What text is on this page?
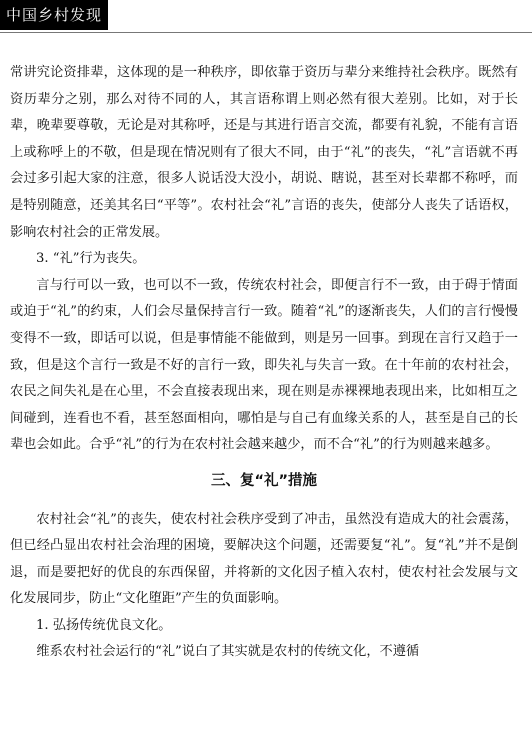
中国乡村发现

常讲究论资排辈，这体现的是一种秩序，即依靠于资历与辈分来维持社会秩序。既然有资历辈分之别，那么对待不同的人，其言语称谓上则必然有很大差别。比如，对于长辈，晚辈要尊敬，无论是对其称呼，还是与其进行语言交流，都要有礼貌，不能有言语上或称呼上的不敬，但是现在情况则有了很大不同，由于“礼”的丧失，“礼”言语就不再会过多引起大家的注意，很多人说话没大没小，胡说、瞎说，甚至对长辈都不称呼，而是特别随意，还美其名曰“平等”。农村社会“礼”言语的丧失，使部分人丧失了话语权，影响农村社会的正常发展。

3. “礼”行为丧失。

言与行可以一致，也可以不一致，传统农村社会，即便言行不一致，由于碍于情面或迫于“礼”的约束，人们会尽量保持言行一致。随着“礼”的逐渐丧失，人们的言行慢慢变得不一致，即话可以说，但是事情能不能做到，则是另一回事。到现在言行又趋于一致，但是这个言行一致是不好的言行一致，即失礼与失言一致。在十年前的农村社会，农民之间失礼是在心里，不会直接表现出来，现在则是赤裸裸地表现出来，比如相互之间碰到，连看也不看，甚至怒面相向，哪怕是与自己有血缘关系的人，甚至是自己的长辈也会如此。合乎“礼”的行为在农村社会越来越少，而不合“礼”的行为则越来越多。

三、复“礼”措施

农村社会“礼”的丧失，使农村社会秩序受到了冲击，虽然没有造成大的社会震荡，但已经凸显出农村社会治理的困境，要解决这个问题，还需要复“礼”。复“礼”并不是倒退，而是要把好的优良的东西保留，并将新的文化因子植入农村，使农村社会发展与文化发展同步，防止“文化堕距”产生的负面影响。

1. 弘扬传统优良文化。

维系农村社会运行的“礼”说白了其实就是农村的传统文化，不遵循
